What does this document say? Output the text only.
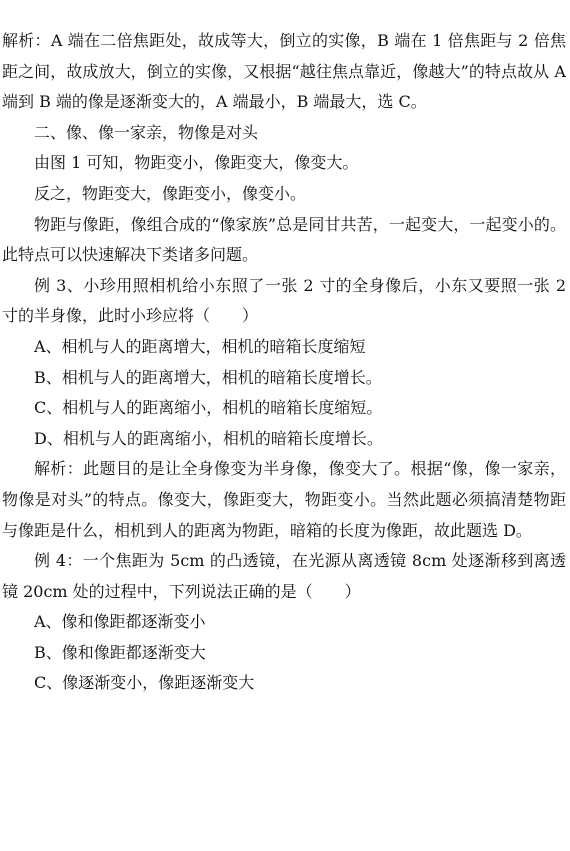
解析：A 端在二倍焦距处，故成等大，倒立的实像，B 端在 1 倍焦距与 2 倍焦距之间，故成放大，倒立的实像，又根据“越往焦点靠近，像越大”的特点故从 A 端到 B 端的像是逐渐变大的，A 端最小，B 端最大，选 C。

二、像、像一家亲，物像是对头

由图 1 可知，物距变小，像距变大，像变大。

反之，物距变大，像距变小，像变小。

物距与像距，像组合成的“像家族”总是同甘共苦，一起变大，一起变小的。此特点可以快速解决下类诸多问题。

例 3、小珍用照相机给小东照了一张 2 寸的全身像后，小东又要照一张 2 寸的半身像，此时小珍应将（　　）

A、相机与人的距离增大，相机的暗箱长度缩短

B、相机与人的距离增大，相机的暗箱长度增长。

C、相机与人的距离缩小，相机的暗箱长度缩短。

D、相机与人的距离缩小，相机的暗箱长度增长。

解析：此题目的是让全身像变为半身像，像变大了。根据“像，像一家亲，物像是对头”的特点。像变大，像距变大，物距变小。当然此题必须搞清楚物距与像距是什么，相机到人的距离为物距，暗箱的长度为像距，故此题选 D。

例 4：一个焦距为 5cm 的凸透镜，在光源从离透镜 8cm 处逐渐移到离透镜 20cm 处的过程中，下列说法正确的是（　　）

A、像和像距都逐渐变小

B、像和像距都逐渐变大

C、像逐渐变小，像距逐渐变大
